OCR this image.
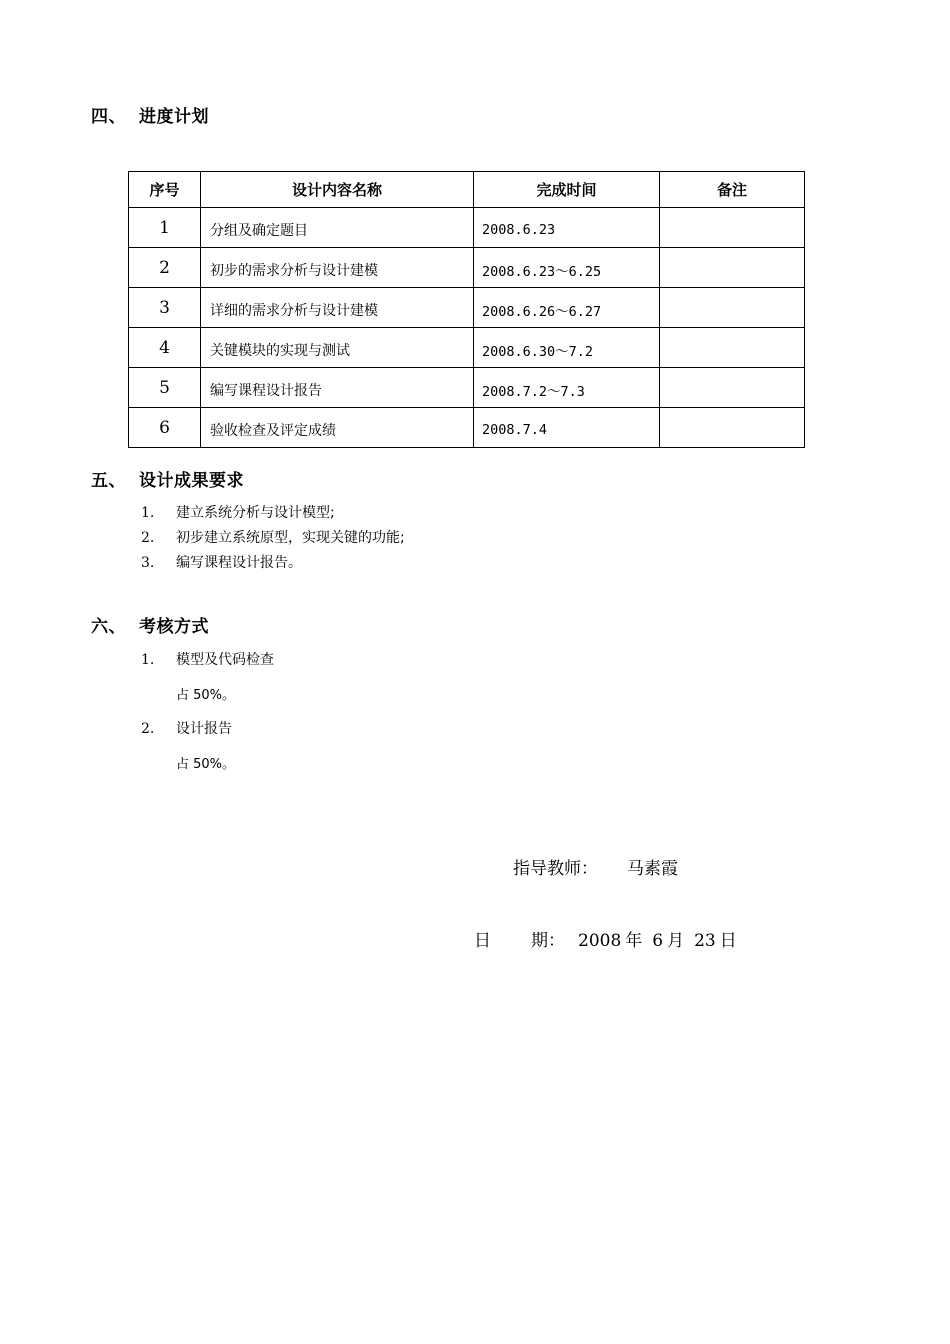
四、 进度计划
序号	设计内容名称	完成时间	备注
1	分组及确定题目	2008.6.23	
2	初步的需求分析与设计建模	2008.6.23～6.25	
3	详细的需求分析与设计建模	2008.6.26～6.27	
4	关键模块的实现与测试	2008.6.30～7.2	
5	编写课程设计报告	2008.7.2～7.3	
6	验收检查及评定成绩	2008.7.4	
五、 设计成果要求
1. 建立系统分析与设计模型;
2. 初步建立系统原型，实现关键的功能;
3. 编写课程设计报告。
六、 考核方式
1. 模型及代码检查
占 50%。
2. 设计报告
占 50%。
指导教师： 马素霞
日 期： 2008 年 6 月 23 日
